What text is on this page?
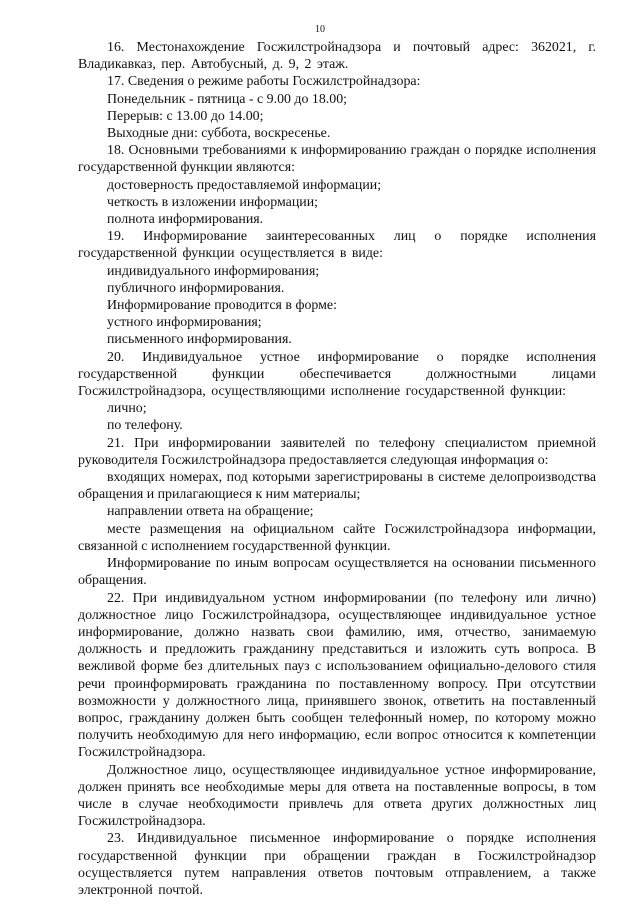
10

16. Местонахождение Госжилстройнадзора и почтовый адрес: 362021, г. Владикавказ, пер. Автобусный, д. 9, 2 этаж.

17. Сведения о режиме работы Госжилстройнадзора:

Понедельник - пятница - с 9.00 до 18.00;

Перерыв: с 13.00 до 14.00;

Выходные дни: суббота, воскресенье.

18. Основными требованиями к информированию граждан о порядке исполнения государственной функции являются:

достоверность предоставляемой информации;

четкость в изложении информации;

полнота информирования.

19. Информирование заинтересованных лиц о порядке исполнения государственной функции осуществляется в виде:

индивидуального информирования;

публичного информирования.

Информирование проводится в форме:

устного информирования;

письменного информирования.

20. Индивидуальное устное информирование о порядке исполнения государственной функции обеспечивается должностными лицами Госжилстройнадзора, осуществляющими исполнение государственной функции:

лично;

по телефону.

21. При информировании заявителей по телефону специалистом приемной руководителя Госжилстройнадзора предоставляется следующая информация о:

входящих номерах, под которыми зарегистрированы в системе делопроизводства обращения и прилагающиеся к ним материалы;

направлении ответа на обращение;

месте размещения на официальном сайте Госжилстройнадзора информации, связанной с исполнением государственной функции.

Информирование по иным вопросам осуществляется на основании письменного обращения.

22. При индивидуальном устном информировании (по телефону или лично) должностное лицо Госжилстройнадзора, осуществляющее индивидуальное устное информирование, должно назвать свои фамилию, имя, отчество, занимаемую должность и предложить гражданину представиться и изложить суть вопроса. В вежливой форме без длительных пауз с использованием официально-делового стиля речи проинформировать гражданина по поставленному вопросу. При отсутствии возможности у должностного лица, принявшего звонок, ответить на поставленный вопрос, гражданину должен быть сообщен телефонный номер, по которому можно получить необходимую для него информацию, если вопрос относится к компетенции Госжилстройнадзора.

Должностное лицо, осуществляющее индивидуальное устное информирование, должен принять все необходимые меры для ответа на поставленные вопросы, в том числе в случае необходимости привлечь для ответа других должностных лиц Госжилстройнадзора.

23. Индивидуальное письменное информирование о порядке исполнения государственной функции при обращении граждан в Госжилстройнадзор осуществляется путем направления ответов почтовым отправлением, а также электронной почтой.
